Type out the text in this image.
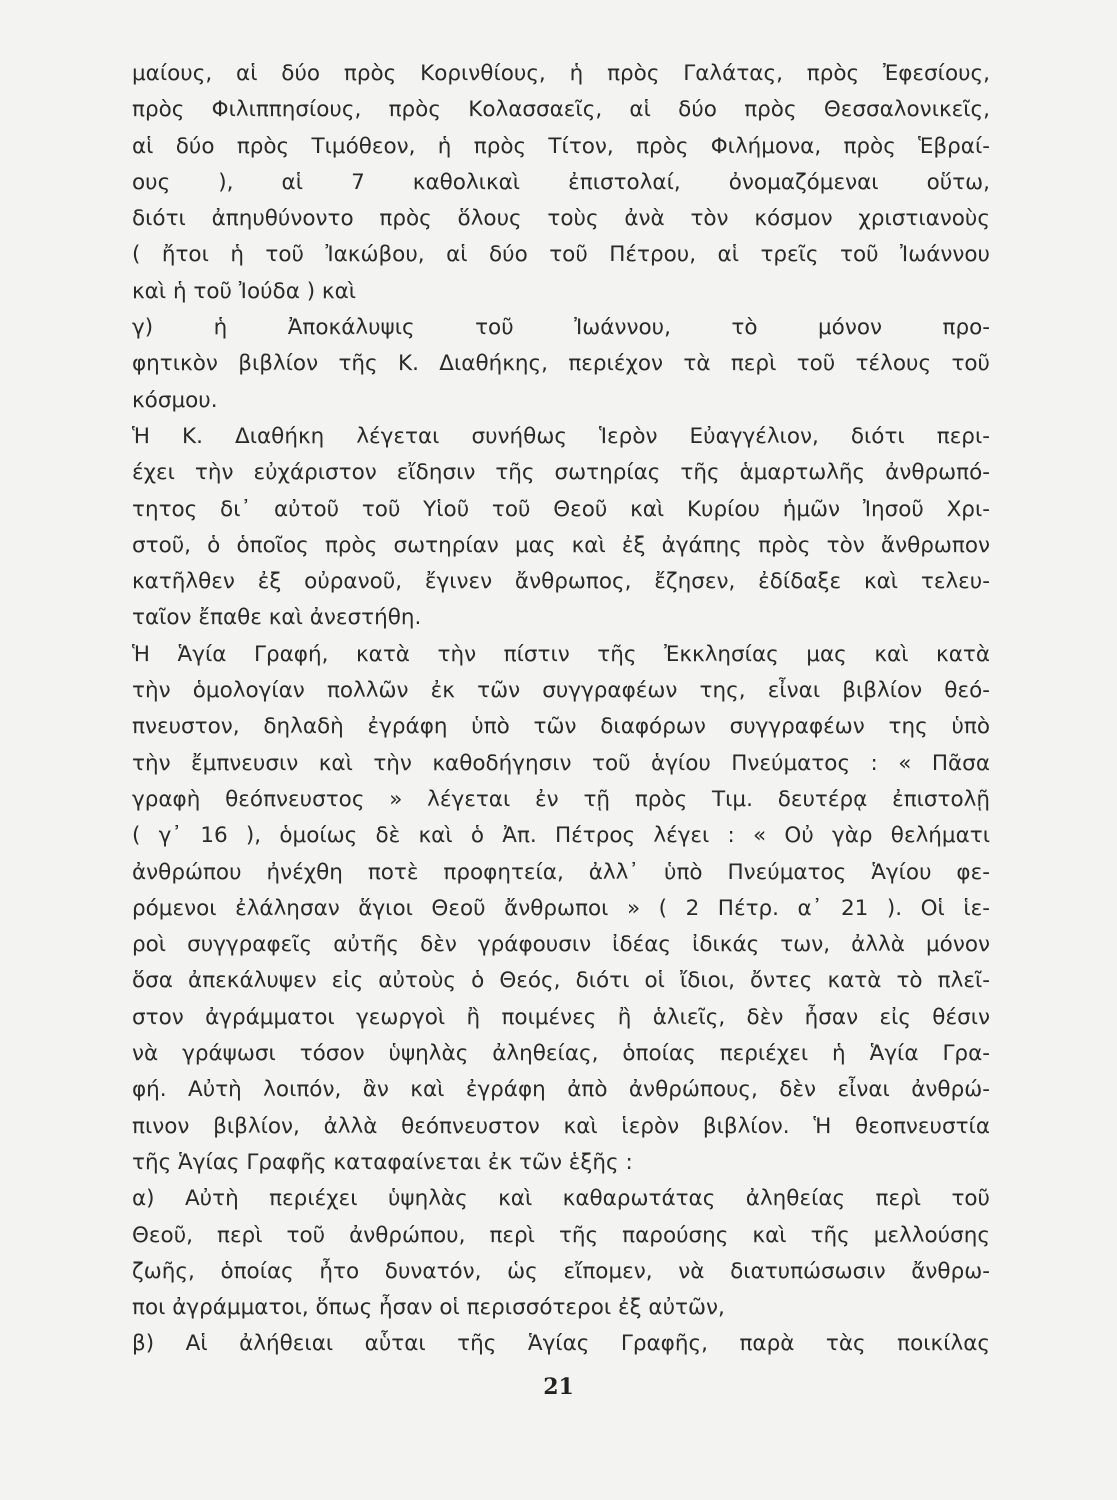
μαίους, αἱ δύο πρὸς Κορινθίους, ἡ πρὸς Γαλάτας, πρὸς Ἐφεσίους,
πρὸς Φιλιππησίους, πρὸς Κολασσαεῖς, αἱ δύο πρὸς Θεσσαλονικεῖς,
αἱ δύο πρὸς Τιμόθεον, ἡ πρὸς Τίτον, πρὸς Φιλήμονα, πρὸς Ἑβραί-
ους ), αἱ 7 καθολικαὶ ἐπιστολαί, ὀνομαζόμεναι οὕτω,
διότι ἀπηυθύνοντο πρὸς ὅλους τοὺς ἀνὰ τὸν κόσμον χριστιανοὺς
( ἤτοι ἡ τοῦ Ἰακώβου, αἱ δύο τοῦ Πέτρου, αἱ τρεῖς τοῦ Ἰωάννου
καὶ ἡ τοῦ Ἰούδα ) καὶ
γ) ἡ Ἀποκάλυψις τοῦ Ἰωάννου, τὸ μόνον προ-
φητικὸν βιβλίον τῆς Κ. Διαθήκης, περιέχον τὰ περὶ τοῦ τέλους τοῦ
κόσμου.
Ἡ Κ. Διαθήκη λέγεται συνήθως Ἱερὸν Εὐαγγέλιον, διότι περι-
έχει τὴν εὐχάριστον εἴδησιν τῆς σωτηρίας τῆς ἁμαρτωλῆς ἀνθρωπό-
τητος δι᾽ αὐτοῦ τοῦ Υἱοῦ τοῦ Θεοῦ καὶ Κυρίου ἡμῶν Ἰησοῦ Χρι-
στοῦ, ὁ ὁποῖος πρὸς σωτηρίαν μας καὶ ἐξ ἀγάπης πρὸς τὸν ἄνθρωπον
κατῆλθεν ἐξ οὐρανοῦ, ἔγινεν ἄνθρωπος, ἔζησεν, ἐδίδαξε καὶ τελευ-
ταῖον ἔπαθε καὶ ἀνεστήθη.
Ἡ Ἁγία Γραφή, κατὰ τὴν πίστιν τῆς Ἐκκλησίας μας καὶ κατὰ
τὴν ὁμολογίαν πολλῶν ἐκ τῶν συγγραφέων της, εἶναι βιβλίον θεό-
πνευστον, δηλαδὴ ἐγράφη ὑπὸ τῶν διαφόρων συγγραφέων της ὑπὸ
τὴν ἔμπνευσιν καὶ τὴν καθοδήγησιν τοῦ ἁγίου Πνεύματος : « Πᾶσα
γραφὴ θεόπνευστος » λέγεται ἐν τῇ πρὸς Τιμ. δευτέρᾳ ἐπιστολῇ
( γ᾽ 16 ), ὁμοίως δὲ καὶ ὁ Ἀπ. Πέτρος λέγει : « Οὐ γὰρ θελήματι
ἀνθρώπου ἠνέχθη ποτὲ προφητεία, ἀλλ᾽ ὑπὸ Πνεύματος Ἁγίου φε-
ρόμενοι ἐλάλησαν ἅγιοι Θεοῦ ἄνθρωποι » ( 2 Πέτρ. α᾽ 21 ). Οἱ ἱε-
ροὶ συγγραφεῖς αὐτῆς δὲν γράφουσιν ἰδέας ἰδικάς των, ἀλλὰ μόνον
ὅσα ἀπεκάλυψεν εἰς αὐτοὺς ὁ Θεός, διότι οἱ ἴδιοι, ὄντες κατὰ τὸ πλεῖ-
στον ἀγράμματοι γεωργοὶ ἢ ποιμένες ἢ ἁλιεῖς, δὲν ἦσαν εἰς θέσιν
νὰ γράψωσι τόσον ὑψηλὰς ἀληθείας, ὁποίας περιέχει ἡ Ἁγία Γρα-
φή. Αὐτὴ λοιπόν, ἂν καὶ ἐγράφη ἀπὸ ἀνθρώπους, δὲν εἶναι ἀνθρώ-
πινον βιβλίον, ἀλλὰ θεόπνευστον καὶ ἱερὸν βιβλίον. Ἡ θεοπνευστία
τῆς Ἁγίας Γραφῆς καταφαίνεται ἐκ τῶν ἑξῆς :
α) Αὐτὴ περιέχει ὑψηλὰς καὶ καθαρωτάτας ἀληθείας περὶ τοῦ
Θεοῦ, περὶ τοῦ ἀνθρώπου, περὶ τῆς παρούσης καὶ τῆς μελλούσης
ζωῆς, ὁποίας ἦτο δυνατόν, ὡς εἴπομεν, νὰ διατυπώσωσιν ἄνθρω-
ποι ἀγράμματοι, ὅπως ἦσαν οἱ περισσότεροι ἐξ αὐτῶν,
β) Αἱ ἀλήθειαι αὗται τῆς Ἁγίας Γραφῆς, παρὰ τὰς ποικίλας
21
